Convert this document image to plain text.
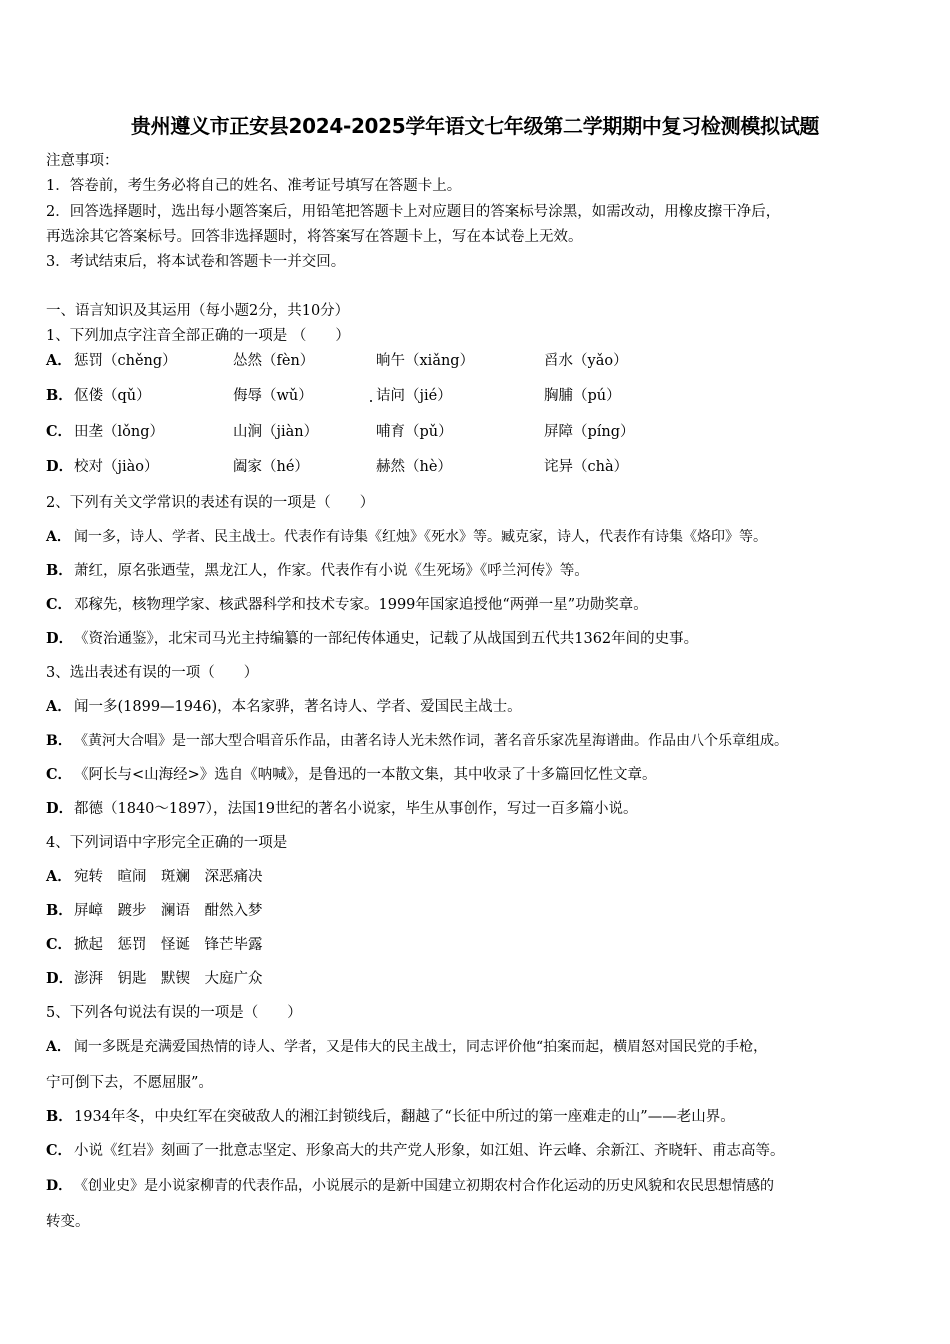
贵州遵义市正安县2024-2025学年语文七年级第二学期期中复习检测模拟试题
注意事项：
1．答卷前，考生务必将自己的姓名、准考证号填写在答题卡上。
2．回答选择题时，选出每小题答案后，用铅笔把答题卡上对应题目的答案标号涂黑，如需改动，用橡皮擦干净后，
再选涂其它答案标号。回答非选择题时，将答案写在答题卡上，写在本试卷上无效。
3．考试结束后，将本试卷和答题卡一并交回。
一、语言知识及其运用（每小题2分，共10分）
1、下列加点字注音全部正确的一项是 （　　）
A． 惩罚（chěng）	怂然（fèn）	晌午（xiǎng）	舀水（yǎo）
B． 伛偻（qǔ）	侮辱（wǔ）	诘问（jié）	胸脯（pú）
C． 田垄（lǒng）	山涧（jiàn）	哺育（pǔ）	屏障（píng）
D． 校对（jiào）	阖家（hé）	赫然（hè）	诧异（chà）
2、下列有关文学常识的表述有误的一项是（　　）
A． 闻一多，诗人、学者、民主战士。代表作有诗集《红烛》《死水》等。臧克家，诗人，代表作有诗集《烙印》等。
B．萧红，原名张迺莹，黑龙江人，作家。代表作有小说《生死场》《呼兰河传》等。
C． 邓稼先，核物理学家、核武器科学和技术专家。1999年国家追授他“两弹一星”功勋奖章。
D．《资治通鉴》，北宋司马光主持编纂的一部纪传体通史，记载了从战国到五代共1362年间的史事。
3、选出表述有误的一项（　　）
A． 闻一多(1899—1946)，本名家骅，著名诗人、学者、爱国民主战士。
B． 《黄河大合唱》是一部大型合唱音乐作品，由著名诗人光未然作词，著名音乐家冼星海谱曲。作品由八个乐章组成。
C． 《阿长与<山海经>》选自《呐喊》，是鲁迅的一本散文集，其中收录了十多篇回忆性文章。
D．都德（1840～1897），法国19世纪的著名小说家，毕生从事创作，写过一百多篇小说。
4、下列词语中字形完全正确的一项是
A． 宛转　暄闹　斑斓　深恶痛决
B．屏嶂　踱步　澜语　酣然入梦
C． 掀起　惩罚　怪诞　锋芒毕露
D．澎湃　钥匙　默锲　大庭广众
5、下列各句说法有误的一项是（　　）
A． 闻一多既是充满爱国热情的诗人、学者，又是伟大的民主战士，同志评价他“拍案而起，横眉怒对国民党的手枪，
宁可倒下去，不愿屈服”。
B．1934年冬，中央红军在突破敌人的湘江封锁线后，翻越了“长征中所过的第一座难走的山”——老山界。
C． 小说《红岩》刻画了一批意志坚定、形象高大的共产党人形象，如江姐、许云峰、余新江、齐晓轩、甫志高等。
D． 《创业史》是小说家柳青的代表作品，小说展示的是新中国建立初期农村合作化运动的历史风貌和农民思想情感的
转变。
